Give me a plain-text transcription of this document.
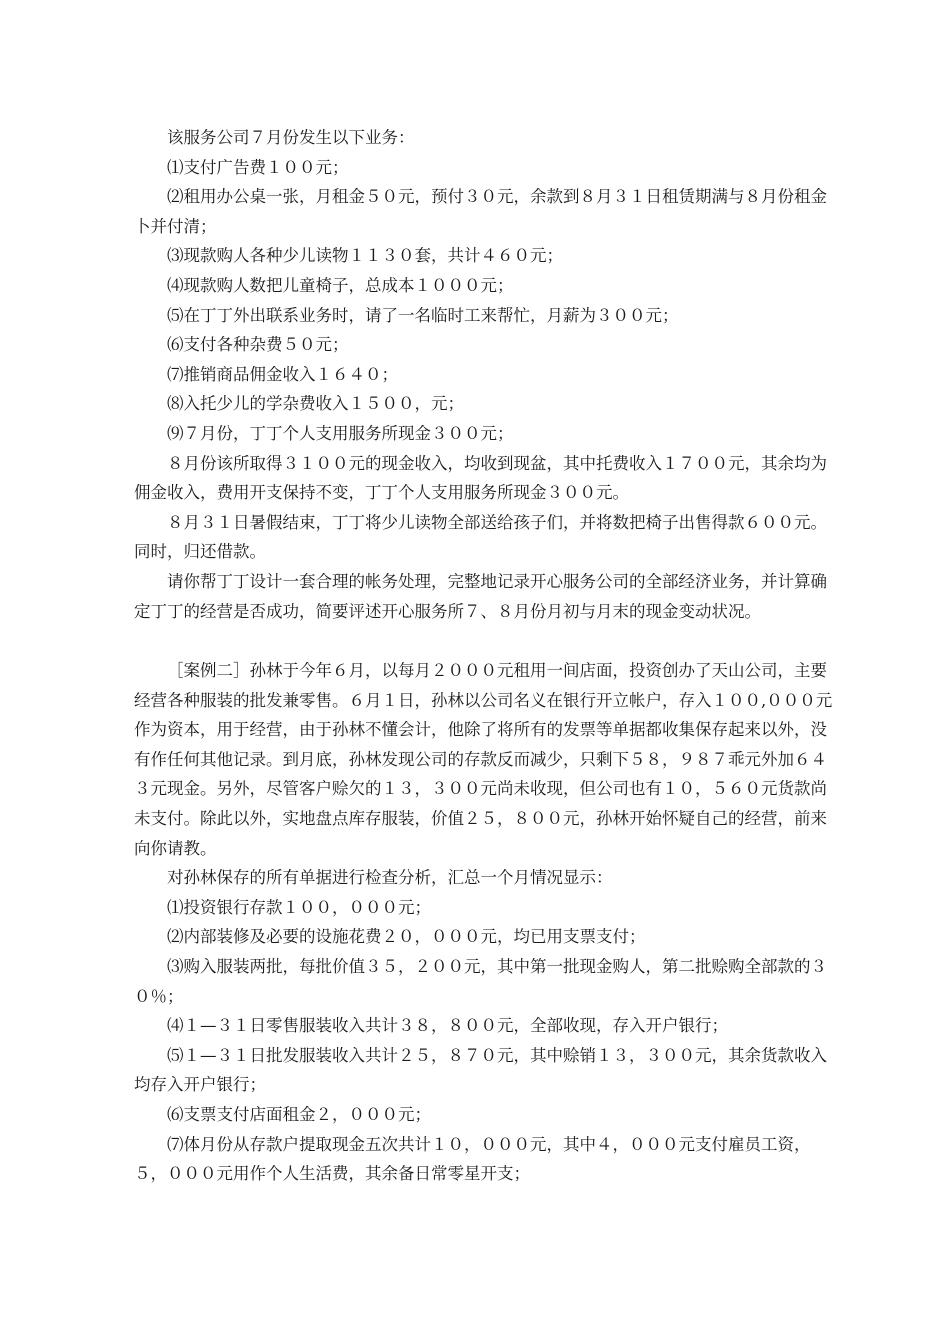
该服务公司７月份发生以下业务：

⑴支付广告费１００元；

⑵租用办公桌一张，月租金５０元，预付３０元，余款到８月３１日租赁期满与８月份租金卜并付清；

⑶现款购人各种少儿读物１１３０套，共计４６０元；

⑷现款购人数把儿童椅子，总成本１０００元；

⑸在丁丁外出联系业务时，请了一名临时工来帮忙，月薪为３００元；

⑹支付各种杂费５０元；

⑺推销商品佣金收入１６４０；

⑻入托少儿的学杂费收入１５００，元；

⑼７月份，丁丁个人支用服务所现金３００元；

８月份该所取得３１００元的现金收入，均收到现盆，其中托费收入１７００元，其余均为佣金收入，费用开支保持不变，丁丁个人支用服务所现金３００元。

８月３１日暑假结束，丁丁将少儿读物全部送给孩子们，并将数把椅子出售得款６００元。同时，归还借款。

请你帮丁丁设计一套合理的帐务处理，完整地记录开心服务公司的全部经济业务，并计算确定丁丁的经营是否成功，简要评述开心服务所７、８月份月初与月末的现金变动状况。

［案例二］孙林于今年６月，以每月２０００元租用一间店面，投资创办了天山公司，主要经营各种服装的批发兼零售。６月１日，孙林以公司名义在银行开立帐户，存入１００,０００元作为资本，用于经营，由于孙林不懂会计，他除了将所有的发票等单据都收集保存起来以外，没有作任何其他记录。到月底，孙林发现公司的存款反而减少，只剩下５８，９８７乖元外加６４３元现金。另外，尽管客户赊欠的１３，３００元尚未收现，但公司也有１０，５６０元货款尚未支付。除此以外，实地盘点库存服装，价值２５，８００元，孙林开始怀疑自己的经营，前来向你请教。

对孙林保存的所有单据进行检查分析，汇总一个月情况显示：

⑴投资银行存款１００，０００元；

⑵内部装修及必要的设施花费２０，０００元，均已用支票支付；

⑶购入服装两批，每批价值３５，２００元，其中第一批现金购人，第二批赊购全部款的３０％；

⑷１—３１日零售服装收入共计３８，８００元，全部收现，存入开户银行；

⑸１—３１日批发服装收入共计２５，８７０元，其中赊销１３，３００元，其余货款收入均存入开户银行；

⑹支票支付店面租金２，０００元；

⑺体月份从存款户提取现金五次共计１０，０００元，其中４，０００元支付雇员工资，５，０００元用作个人生活费，其余备日常零星开支；
